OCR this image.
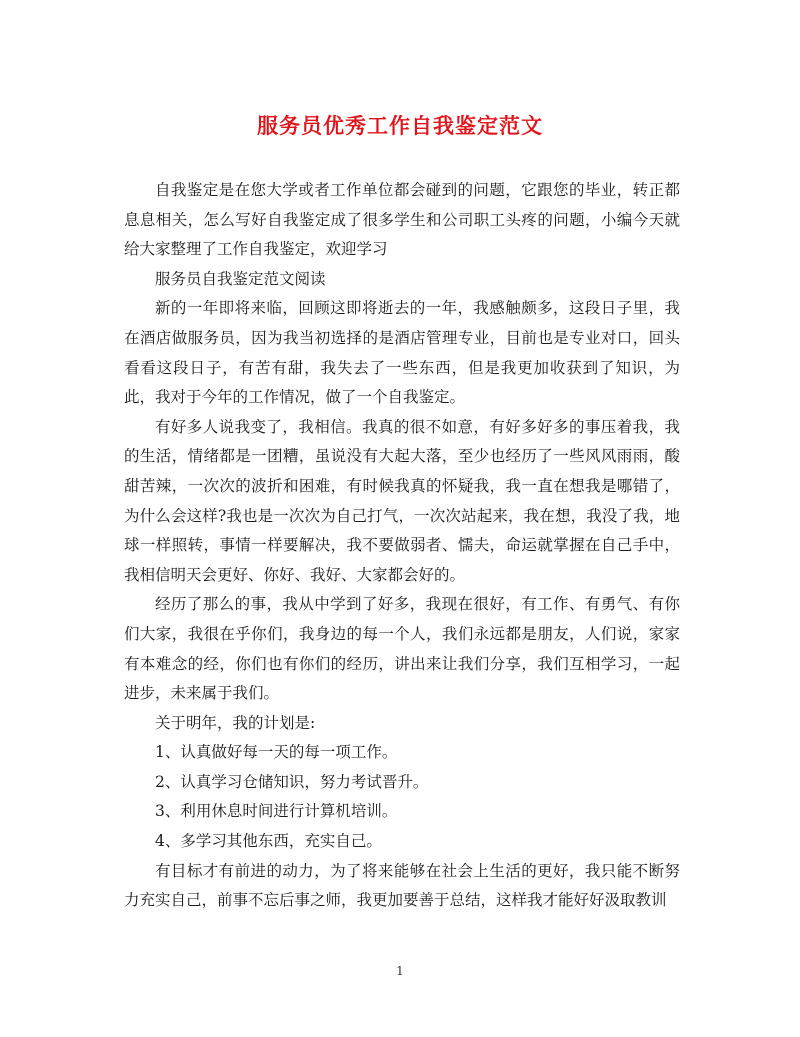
服务员优秀工作自我鉴定范文

自我鉴定是在您大学或者工作单位都会碰到的问题，它跟您的毕业，转正都息息相关，怎么写好自我鉴定成了很多学生和公司职工头疼的问题，小编今天就给大家整理了工作自我鉴定，欢迎学习

服务员自我鉴定范文阅读

新的一年即将来临，回顾这即将逝去的一年，我感触颇多，这段日子里，我在酒店做服务员，因为我当初选择的是酒店管理专业，目前也是专业对口，回头看看这段日子，有苦有甜，我失去了一些东西，但是我更加收获到了知识，为此，我对于今年的工作情况，做了一个自我鉴定。

有好多人说我变了，我相信。我真的很不如意，有好多好多的事压着我，我的生活，情绪都是一团糟，虽说没有大起大落，至少也经历了一些风风雨雨，酸甜苦辣，一次次的波折和困难，有时候我真的怀疑我，我一直在想我是哪错了，为什么会这样?我也是一次次为自己打气，一次次站起来，我在想，我没了我，地球一样照转，事情一样要解决，我不要做弱者、懦夫，命运就掌握在自己手中，我相信明天会更好、你好、我好、大家都会好的。

经历了那么的事，我从中学到了好多，我现在很好，有工作、有勇气、有你们大家，我很在乎你们，我身边的每一个人，我们永远都是朋友，人们说，家家有本难念的经，你们也有你们的经历，讲出来让我们分享，我们互相学习，一起进步，未来属于我们。

关于明年，我的计划是:

1、认真做好每一天的每一项工作。

2、认真学习仓储知识，努力考试晋升。

3、利用休息时间进行计算机培训。

4、多学习其他东西，充实自己。

有目标才有前进的动力，为了将来能够在社会上生活的更好，我只能不断努力充实自己，前事不忘后事之师，我更加要善于总结，这样我才能好好汲取教训

1
